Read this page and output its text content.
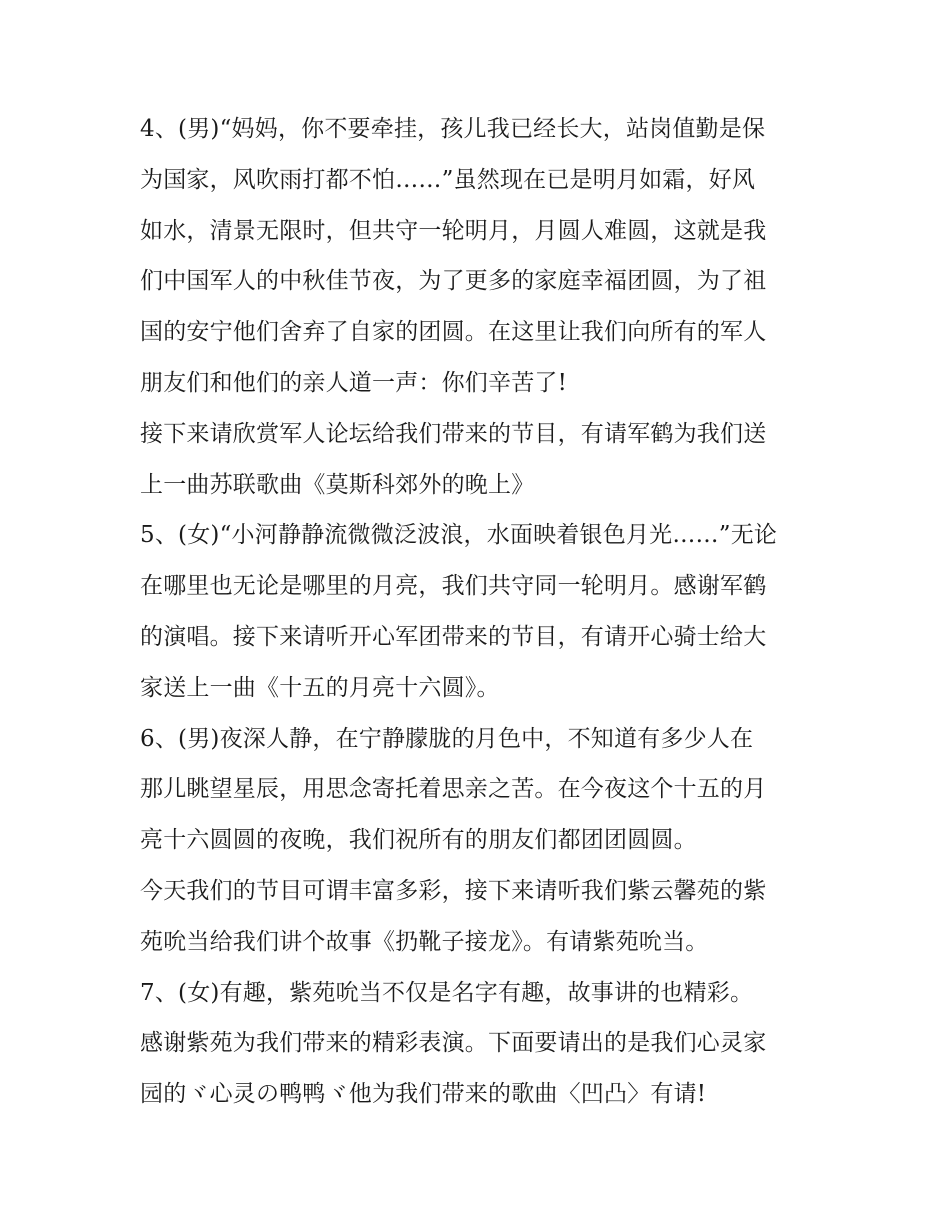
4、(男)“妈妈，你不要牵挂，孩儿我已经长大，站岗值勤是保
为国家，风吹雨打都不怕……”虽然现在已是明月如霜，好风
如水，清景无限时，但共守一轮明月，月圆人难圆，这就是我
们中国军人的中秋佳节夜，为了更多的家庭幸福团圆，为了祖
国的安宁他们舍弃了自家的团圆。在这里让我们向所有的军人
朋友们和他们的亲人道一声：你们辛苦了!
接下来请欣赏军人论坛给我们带来的节目，有请军鹤为我们送
上一曲苏联歌曲《莫斯科郊外的晚上》
5、(女)“小河静静流微微泛波浪，水面映着银色月光……”无论
在哪里也无论是哪里的月亮，我们共守同一轮明月。感谢军鹤
的演唱。接下来请听开心军团带来的节目，有请开心骑士给大
家送上一曲《十五的月亮十六圆》。
6、(男)夜深人静，在宁静朦胧的月色中，不知道有多少人在
那儿眺望星辰，用思念寄托着思亲之苦。在今夜这个十五的月
亮十六圆圆的夜晚，我们祝所有的朋友们都团团圆圆。
今天我们的节目可谓丰富多彩，接下来请听我们紫云馨苑的紫
苑吮当给我们讲个故事《扔靴子接龙》。有请紫苑吮当。
7、(女)有趣，紫苑吮当不仅是名字有趣，故事讲的也精彩。
感谢紫苑为我们带来的精彩表演。下面要请出的是我们心灵家
园的ヾ心灵の鸭鸭ヾ他为我们带来的歌曲〈凹凸〉有请!
